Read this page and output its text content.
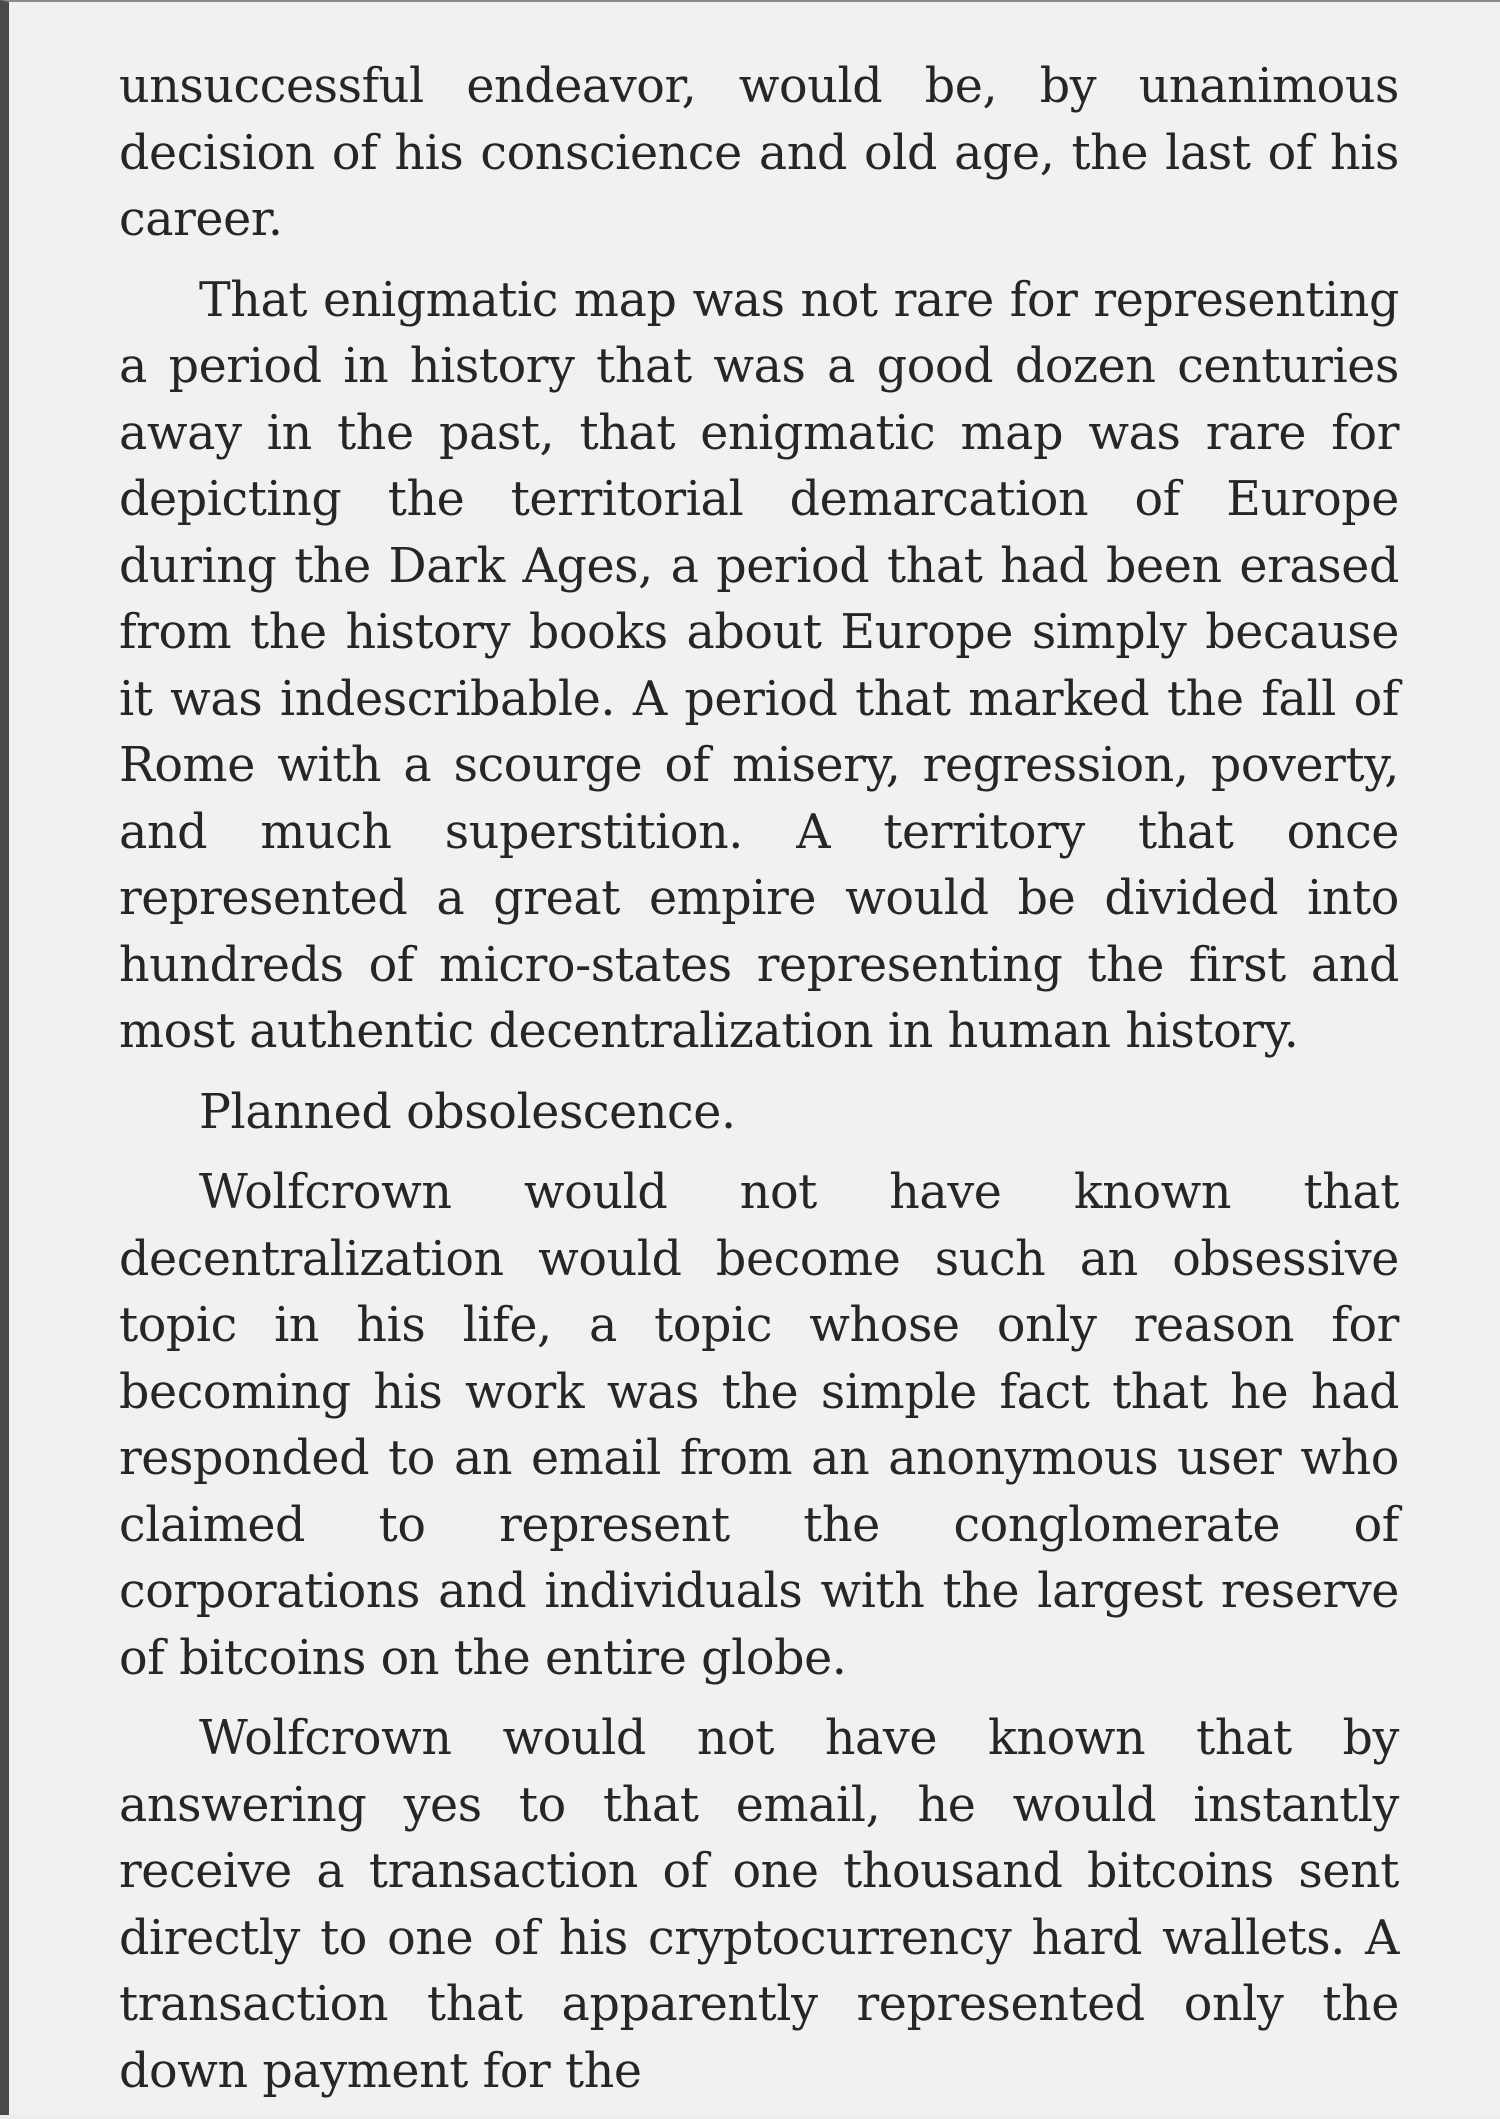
unsuccessful endeavor, would be, by unanimous decision of his conscience and old age, the last of his career.

That enigmatic map was not rare for representing a period in history that was a good dozen centuries away in the past, that enigmatic map was rare for depicting the territorial demarcation of Europe during the Dark Ages, a period that had been erased from the history books about Europe simply because it was indescribable. A period that marked the fall of Rome with a scourge of misery, regression, poverty, and much superstition. A territory that once represented a great empire would be divided into hundreds of micro-states representing the first and most authentic decentralization in human history.

Planned obsolescence.

Wolfcrown would not have known that decentralization would become such an obsessive topic in his life, a topic whose only reason for becoming his work was the simple fact that he had responded to an email from an anonymous user who claimed to represent the conglomerate of corporations and individuals with the largest reserve of bitcoins on the entire globe.

Wolfcrown would not have known that by answering yes to that email, he would instantly receive a transaction of one thousand bitcoins sent directly to one of his cryptocurrency hard wallets. A transaction that apparently represented only the down payment for the
